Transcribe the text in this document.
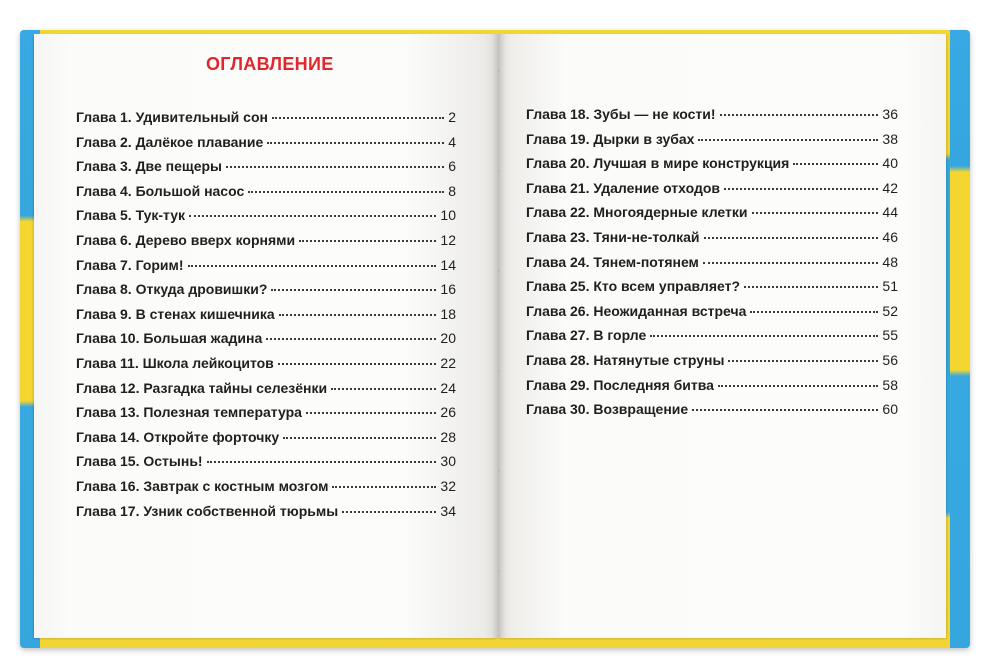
ОГЛАВЛЕНИЕ
Глава 1. Удивительный сон	2
Глава 2. Далёкое плавание	4
Глава 3. Две пещеры	6
Глава 4. Большой насос	8
Глава 5. Тук-тук	10
Глава 6. Дерево вверх корнями	12
Глава 7. Горим!	14
Глава 8. Откуда дровишки?	16
Глава 9. В стенах кишечника	18
Глава 10. Большая жадина	20
Глава 11. Школа лейкоцитов	22
Глава 12. Разгадка тайны селезёнки	24
Глава 13. Полезная температура	26
Глава 14. Откройте форточку	28
Глава 15. Остынь!	30
Глава 16. Завтрак с костным мозгом	32
Глава 17. Узник собственной тюрьмы	34
Глава 18. Зубы — не кости!	36
Глава 19. Дырки в зубах	38
Глава 20. Лучшая в мире конструкция	40
Глава 21. Удаление отходов	42
Глава 22. Многоядерные клетки	44
Глава 23. Тяни-не-толкай	46
Глава 24. Тянем-потянем	48
Глава 25. Кто всем управляет?	51
Глава 26. Неожиданная встреча	52
Глава 27. В горле	55
Глава 28. Натянутые струны	56
Глава 29. Последняя битва	58
Глава 30. Возвращение	60
